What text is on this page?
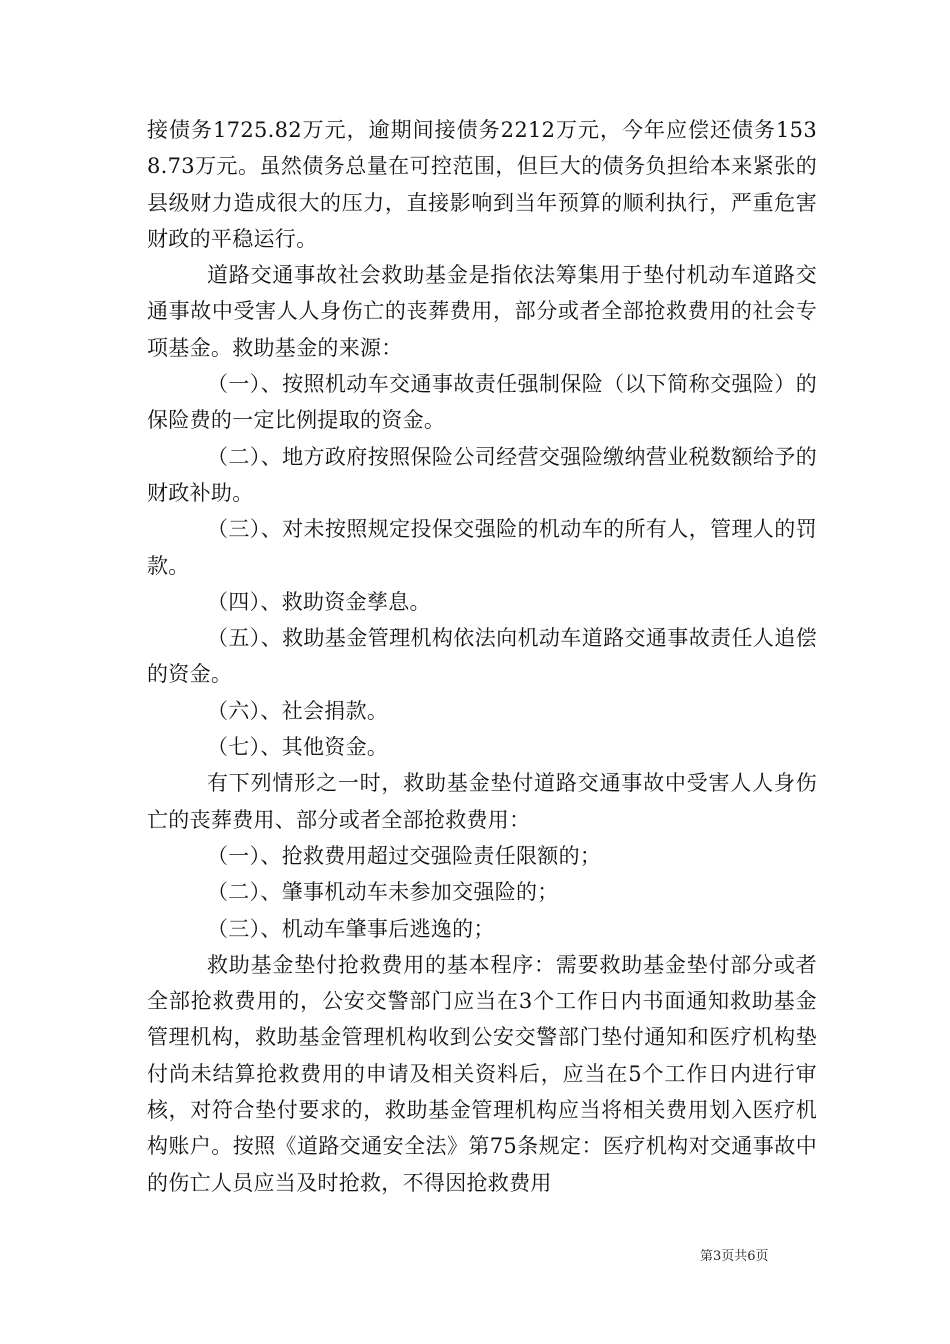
接债务1725.82万元，逾期间接债务2212万元，今年应偿还债务1538.73万元。虽然债务总量在可控范围，但巨大的债务负担给本来紧张的县级财力造成很大的压力，直接影响到当年预算的顺利执行，严重危害财政的平稳运行。

道路交通事故社会救助基金是指依法筹集用于垫付机动车道路交通事故中受害人人身伤亡的丧葬费用，部分或者全部抢救费用的社会专项基金。救助基金的来源：

（一）、按照机动车交通事故责任强制保险（以下简称交强险）的保险费的一定比例提取的资金。

（二）、地方政府按照保险公司经营交强险缴纳营业税数额给予的财政补助。

（三）、对未按照规定投保交强险的机动车的所有人，管理人的罚款。

（四）、救助资金孳息。

（五）、救助基金管理机构依法向机动车道路交通事故责任人追偿的资金。

（六）、社会捐款。

（七）、其他资金。

有下列情形之一时，救助基金垫付道路交通事故中受害人人身伤亡的丧葬费用、部分或者全部抢救费用：

（一）、抢救费用超过交强险责任限额的；

（二）、肇事机动车未参加交强险的；

（三）、机动车肇事后逃逸的；

救助基金垫付抢救费用的基本程序：需要救助基金垫付部分或者全部抢救费用的，公安交警部门应当在3个工作日内书面通知救助基金管理机构，救助基金管理机构收到公安交警部门垫付通知和医疗机构垫付尚未结算抢救费用的申请及相关资料后，应当在5个工作日内进行审核，对符合垫付要求的，救助基金管理机构应当将相关费用划入医疗机构账户。按照《道路交通安全法》第75条规定：医疗机构对交通事故中的伤亡人员应当及时抢救，不得因抢救费用

第3页共6页
